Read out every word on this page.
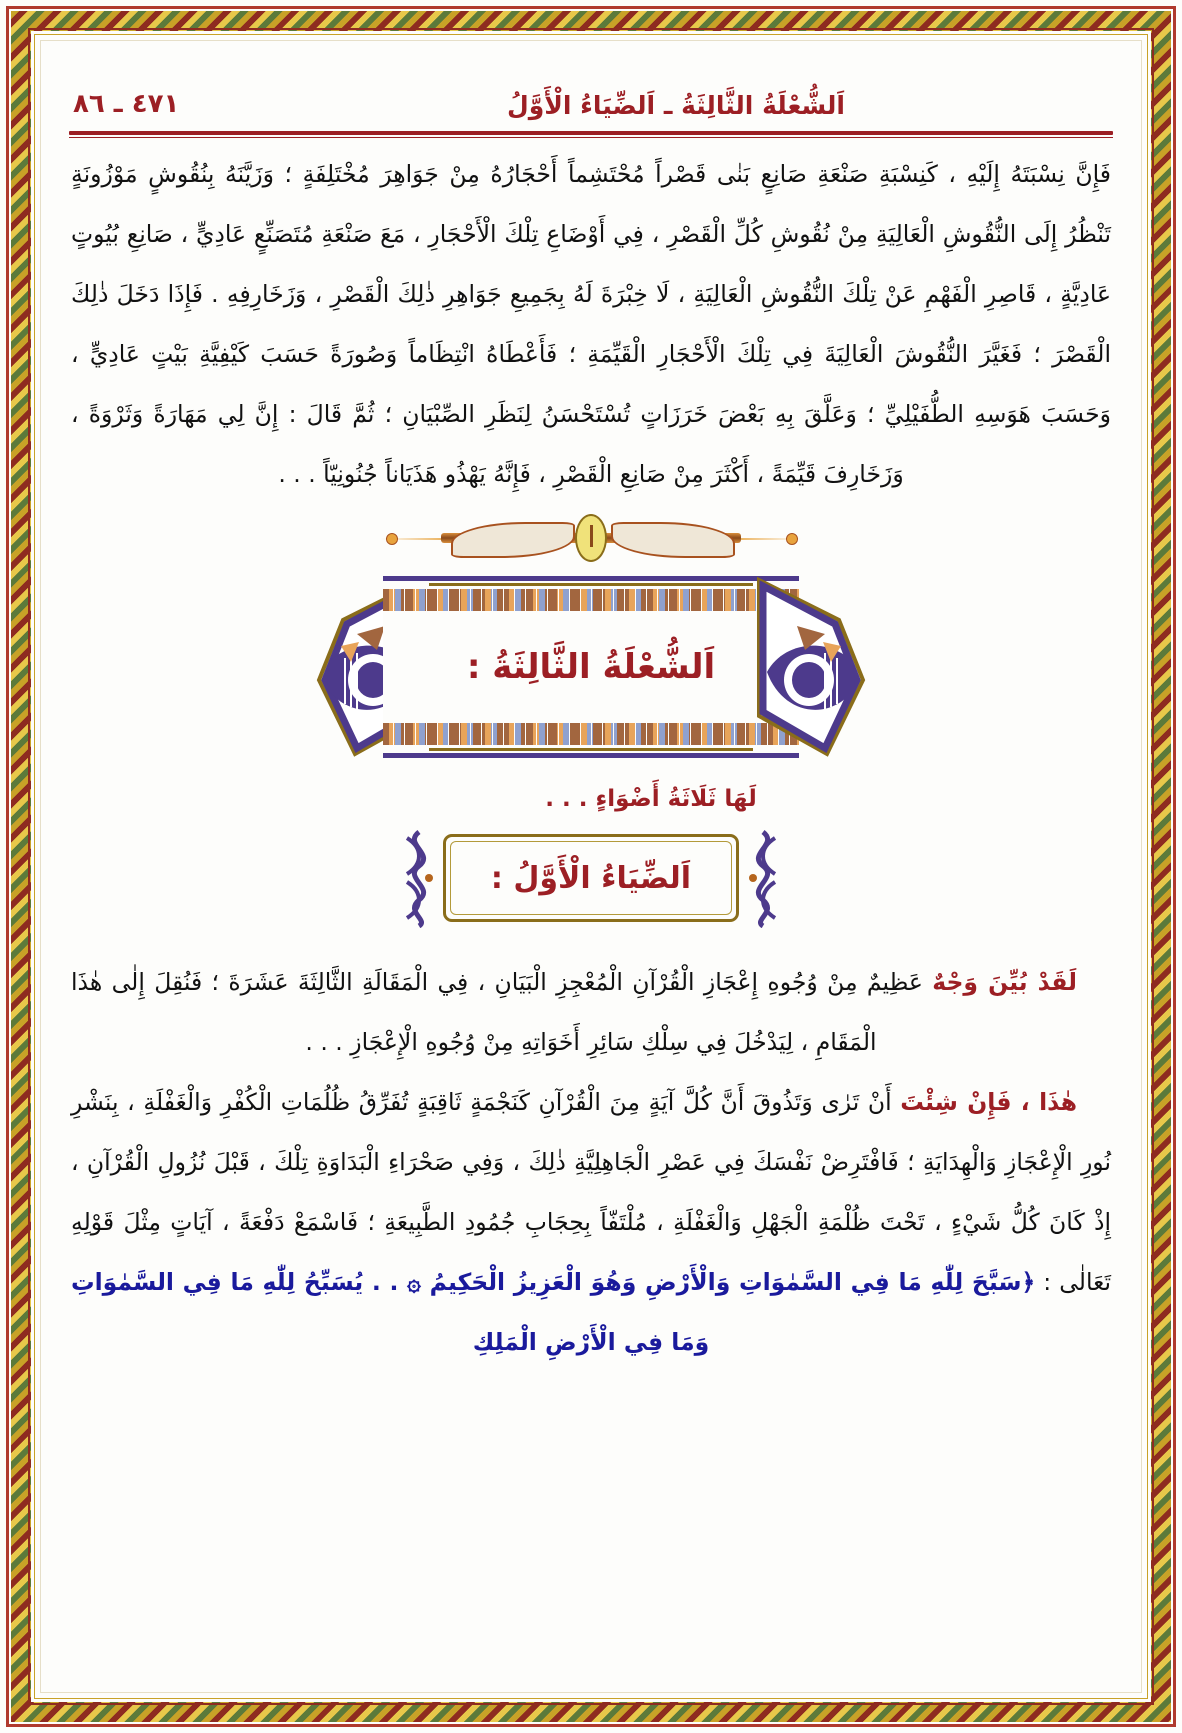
اَلشُّعْلَةُ الثَّالِثَةُ ـ اَلضِّيَاءُ الْأَوَّلُ
٤٧١ ـ ٨٦

فَإِنَّ نِسْبَتَهُ إِلَيْهِ ، كَنِسْبَةِ صَنْعَةِ صَانِعٍ بَنٰى قَصْراً مُحْتَشِماً أَحْجَارُهُ مِنْ جَوَاهِرَ مُخْتَلِفَةٍ ؛ وَزَيَّنَهُ بِنُقُوشٍ مَوْزُونَةٍ تَنْظُرُ إِلَى النُّقُوشِ الْعَالِيَةِ مِنْ نُقُوشِ كُلِّ الْقَصْرِ ، فِي أَوْضَاعِ تِلْكَ الْأَحْجَارِ ، مَعَ صَنْعَةِ مُتَصَنِّعٍ عَادِيٍّ ، صَانِعِ بُيُوتٍ عَادِيَّةٍ ، قَاصِرِ الْفَهْمِ عَنْ تِلْكَ النُّقُوشِ الْعَالِيَةِ ، لَا خِبْرَةَ لَهُ بِجَمِيعِ جَوَاهِرِ ذٰلِكَ الْقَصْرِ ، وَزَخَارِفِهِ . فَإِذَا دَخَلَ ذٰلِكَ الْقَصْرَ ؛ فَغَيَّرَ النُّقُوشَ الْعَالِيَةَ فِي تِلْكَ الْأَحْجَارِ الْقَيِّمَةِ ؛ فَأَعْطَاهُ انْتِظَاماً وَصُورَةً حَسَبَ كَيْفِيَّةِ بَيْتٍ عَادِيٍّ ، وَحَسَبَ هَوَسِهِ الطُّفَيْلِيِّ ؛ وَعَلَّقَ بِهِ بَعْضَ خَرَزَاتٍ تُسْتَحْسَنُ لِنَظَرِ الصِّبْيَانِ ؛ ثُمَّ قَالَ : إِنَّ لِي مَهَارَةً وَثَرْوَةً ، وَزَخَارِفَ قَيِّمَةً ، أَكْثَرَ مِنْ صَانِعِ الْقَصْرِ ، فَإِنَّهُ يَهْذُو هَذَيَاناً جُنُونِيّاً . . .

اَلشُّعْلَةُ الثَّالِثَةُ :
لَهَا ثَلَاثَةُ أَضْوَاءٍ . . .
اَلضِّيَاءُ الْأَوَّلُ :

لَقَدْ بُيِّنَ وَجْهٌ عَظِيمٌ مِنْ وُجُوهِ إِعْجَازِ الْقُرْآنِ الْمُعْجِزِ الْبَيَانِ ، فِي الْمَقَالَةِ الثَّالِثَةَ عَشَرَةَ ؛ فَنُقِلَ إِلٰى هٰذَا الْمَقَامِ ، لِيَدْخُلَ فِي سِلْكِ سَائِرِ أَخَوَاتِهِ مِنْ وُجُوهِ الْإِعْجَازِ . . .

هٰذَا ، فَإِنْ شِئْتَ أَنْ تَرٰى وَتَذُوقَ أَنَّ كُلَّ آيَةٍ مِنَ الْقُرْآنِ كَنَجْمَةٍ ثَاقِبَةٍ تُفَرِّقُ ظُلُمَاتِ الْكُفْرِ وَالْغَفْلَةِ ، بِنَشْرِ نُورِ الْإِعْجَازِ وَالْهِدَايَةِ ؛ فَافْتَرِضْ نَفْسَكَ فِي عَصْرِ الْجَاهِلِيَّةِ ذٰلِكَ ، وَفِي صَحْرَاءِ الْبَدَاوَةِ تِلْكَ ، قَبْلَ نُزُولِ الْقُرْآنِ ، إِذْ كَانَ كُلُّ شَيْءٍ ، تَحْتَ ظُلْمَةِ الْجَهْلِ وَالْغَفْلَةِ ، مُلْتَفّاً بِحِجَابِ جُمُودِ الطَّبِيعَةِ ؛ فَاسْمَعْ دَفْعَةً ، آيَاتٍ مِثْلَ قَوْلِهِ تَعَالٰى : ﴿سَبَّحَ لِلّٰهِ مَا فِي السَّمٰوَاتِ وَالْأَرْضِ وَهُوَ الْعَزِيزُ الْحَكِيمُ ۞ . . يُسَبِّحُ لِلّٰهِ مَا فِي السَّمٰوَاتِ وَمَا فِي الْأَرْضِ الْمَلِكِ
